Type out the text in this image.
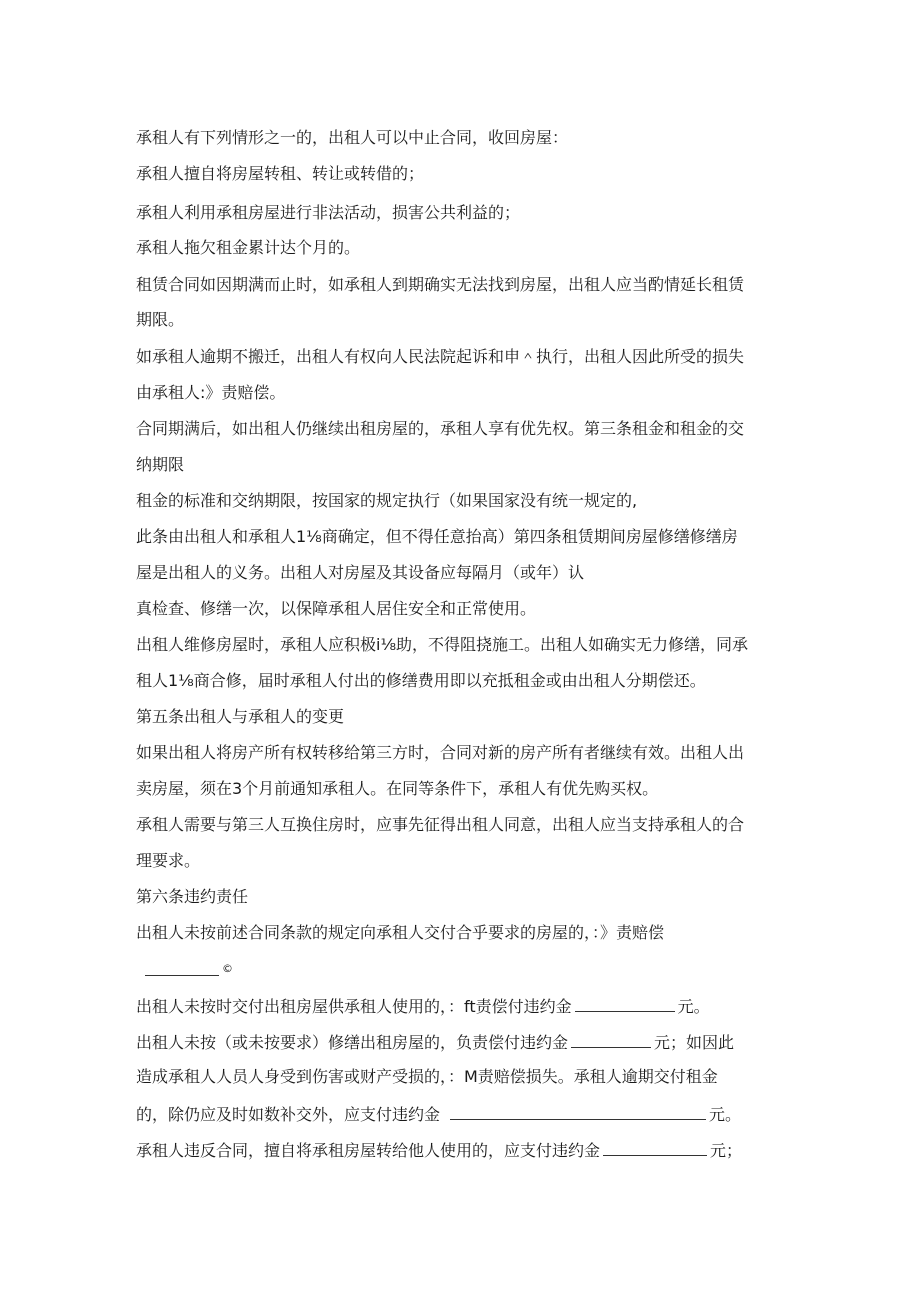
承租人有下列情形之一的，出租人可以中止合同，收回房屋：
承租人擅自将房屋转租、转让或转借的；
承租人利用承租房屋进行非法活动，损害公共利益的；
承租人拖欠租金累计达个月的。
租赁合同如因期满而止时，如承租人到期确实无法找到房屋，出租人应当酌情延长租赁
期限。
如承租人逾期不搬迁，出租人有权向人民法院起诉和申＾执行，出租人因此所受的损失
由承租人:》责赔偿。
合同期满后，如出租人仍继续出租房屋的，承租人享有优先权。第三条租金和租金的交
纳期限
租金的标准和交纳期限，按国家的规定执行（如果国家没有统一规定的,
此条由出租人和承租人1⅛商确定，但不得任意抬高）第四条租赁期间房屋修缮修缮房
屋是出租人的义务。出租人对房屋及其设备应每隔月（或年）认
真检查、修缮一次，以保障承租人居住安全和正常使用。
出租人维修房屋时，承租人应积极i⅛助，不得阻挠施工。出租人如确实无力修缮，同承
租人1⅛商合修，届时承租人付出的修缮费用即以充抵租金或由出租人分期偿还。
第五条出租人与承租人的变更
如果出租人将房产所有权转移给第三方时，合同对新的房产所有者继续有效。出租人出
卖房屋，须在3个月前通知承租人。在同等条件下，承租人有优先购买权。
承租人需要与第三人互换住房时，应事先征得出租人同意，出租人应当支持承租人的合
理要求。
第六条违约责任
出租人未按前述合同条款的规定向承租人交付合乎要求的房屋的，：》责赔偿
©
出租人未按时交付出租房屋供承租人使用的，：ft责偿付违约金	元。
出租人未按（或未按要求）修缮出租房屋的，负责偿付违约金	元；如因此
造成承租人人员人身受到伤害或财产受损的，：M责赔偿损失。承租人逾期交付租金
的，除仍应及时如数补交外，应支付违约金	元。
承租人违反合同，擅自将承租房屋转给他人使用的，应支付违约金	元；
